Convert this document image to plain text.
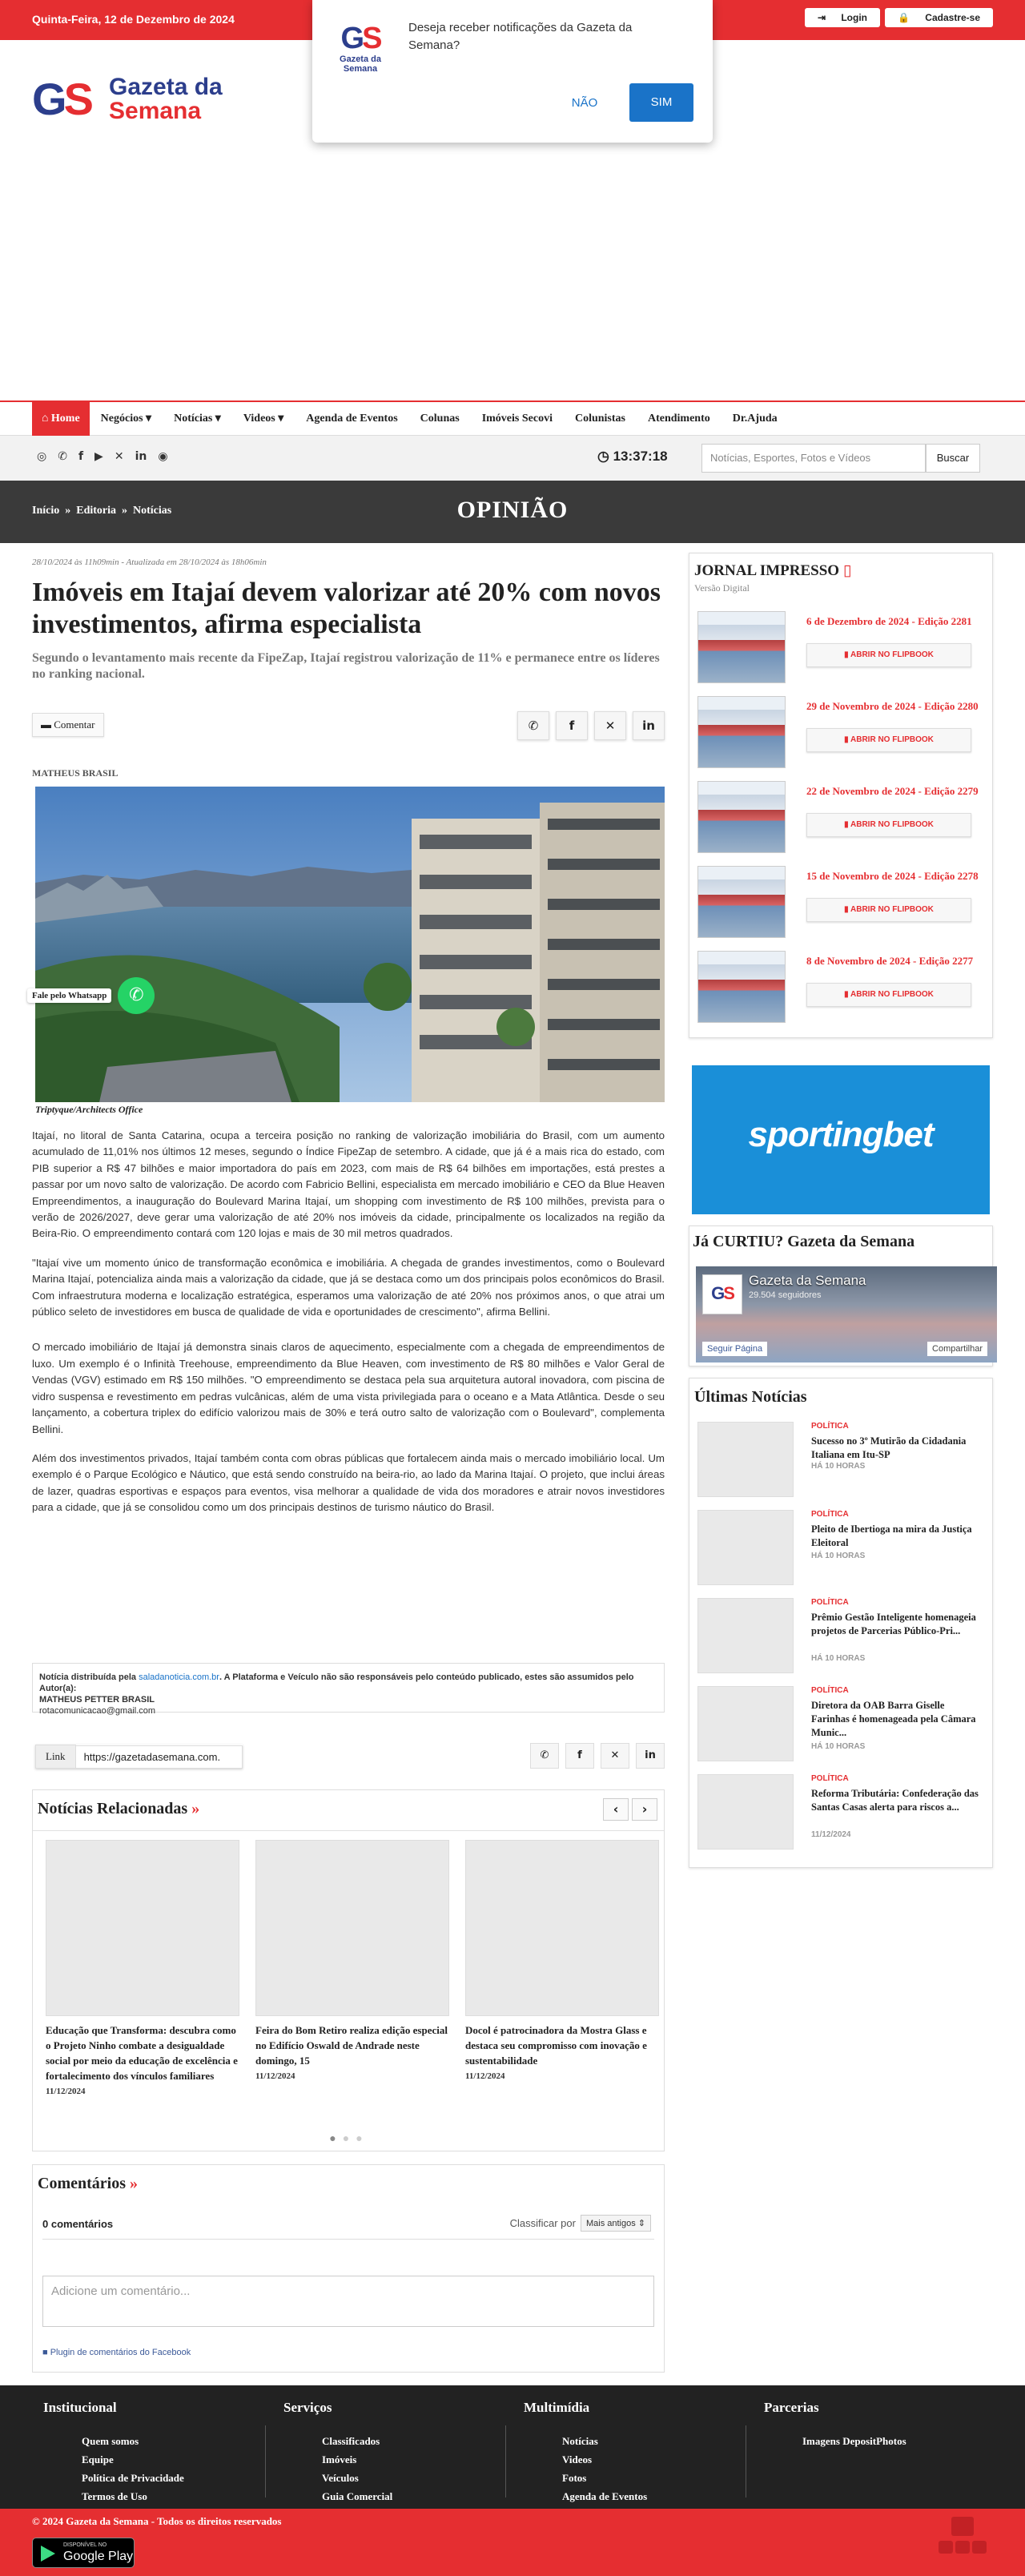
Quinta-Feira, 12 de Dezembro de 2024	⇥ Login	🔒 Cadastre-se
GS Gazeta da
Semana
GS
Gazeta da Semana
Deseja receber notificações da Gazeta da Semana?
NÃO	SIM
⌂ Home	Negócios ▾	Notícias ▾	Videos ▾	Agenda de Eventos	Colunas	Imóveis Secovi	Colunistas	Atendimento	Dr.Ajuda
◎ ✆ f ▶ ✕ in ◉	◷ 13:37:18	Notícias, Esportes, Fotos e Vídeos	Buscar
Início  »  Editoria  »  Notícias	OPINIÃO
28/10/2024 às 11h09min - Atualizada em 28/10/2024 às 18h06min
Imóveis em Itajaí devem valorizar até 20% com novos investimentos, afirma especialista
Segundo o levantamento mais recente da FipeZap, Itajaí registrou valorização de 11% e permanece entre os líderes no ranking nacional.
▬ Comentar	✆	f	✕	in
MATHEUS BRASIL
Triptyque/Architects Office
Fale pelo Whatsapp	✆

Itajaí, no litoral de Santa Catarina, ocupa a terceira posição no ranking de valorização imobiliária do Brasil, com um aumento acumulado de 11,01% nos últimos 12 meses, segundo o Índice FipeZap de setembro. A cidade, que já é a mais rica do estado, com PIB superior a R$ 47 bilhões e maior importadora do país em 2023, com mais de R$ 64 bilhões em importações, está prestes a passar por um novo salto de valorização. De acordo com Fabricio Bellini, especialista em mercado imobiliário e CEO da Blue Heaven Empreendimentos, a inauguração do Boulevard Marina Itajaí, um shopping com investimento de R$ 100 milhões, prevista para o verão de 2026/2027, deve gerar uma valorização de até 20% nos imóveis da cidade, principalmente os localizados na região da Beira-Rio. O empreendimento contará com 120 lojas e mais de 30 mil metros quadrados.

"Itajaí vive um momento único de transformação econômica e imobiliária. A chegada de grandes investimentos, como o Boulevard Marina Itajaí, potencializa ainda mais a valorização da cidade, que já se destaca como um dos principais polos econômicos do Brasil. Com infraestrutura moderna e localização estratégica, esperamos uma valorização de até 20% nos próximos anos, o que atrai um público seleto de investidores em busca de qualidade de vida e oportunidades de crescimento", afirma Bellini.

O mercado imobiliário de Itajaí já demonstra sinais claros de aquecimento, especialmente com a chegada de empreendimentos de luxo. Um exemplo é o Infinità Treehouse, empreendimento da Blue Heaven, com investimento de R$ 80 milhões e Valor Geral de Vendas (VGV) estimado em R$ 150 milhões. "O empreendimento se destaca pela sua arquitetura autoral inovadora, com piscina de vidro suspensa e revestimento em pedras vulcânicas, além de uma vista privilegiada para o oceano e a Mata Atlântica. Desde o seu lançamento, a cobertura triplex do edifício valorizou mais de 30% e terá outro salto de valorização com o Boulevard", complementa Bellini.

Além dos investimentos privados, Itajaí também conta com obras públicas que fortalecem ainda mais o mercado imobiliário local. Um exemplo é o Parque Ecológico e Náutico, que está sendo construído na beira-rio, ao lado da Marina Itajaí. O projeto, que inclui áreas de lazer, quadras esportivas e espaços para eventos, visa melhorar a qualidade de vida dos moradores e atrair novos investidores para a cidade, que já se consolidou como um dos principais destinos de turismo náutico do Brasil.

Notícia distribuída pela saladanoticia.com.br. A Plataforma e Veículo não são responsáveis pelo conteúdo publicado, estes são assumidos pelo Autor(a):
MATHEUS PETTER BRASIL
rotacomunicacao@gmail.com
Link	https://gazetadasemana.com.	✆	f	✕	in
Notícias Relacionadas »	‹	›
Educação que Transforma: descubra como o Projeto Ninho combate a desigualdade social por meio da educação de excelência e fortalecimento dos vínculos familiares
11/12/2024
Feira do Bom Retiro realiza edição especial no Edifício Oswald de Andrade neste domingo, 15
11/12/2024
Docol é patrocinadora da Mostra Glass e destaca seu compromisso com inovação e sustentabilidade
11/12/2024
●●●
Comentários »
0 comentários	Classificar por	Mais antigos ⇕
Adicione um comentário...
■ Plugin de comentários do Facebook
JORNAL IMPRESSO ▯
Versão Digital
6 de Dezembro de 2024 - Edição 2281
▮ ABRIR NO FLIPBOOK
29 de Novembro de 2024 - Edição 2280
▮ ABRIR NO FLIPBOOK
22 de Novembro de 2024 - Edição 2279
▮ ABRIR NO FLIPBOOK
15 de Novembro de 2024 - Edição 2278
▮ ABRIR NO FLIPBOOK
8 de Novembro de 2024 - Edição 2277
▮ ABRIR NO FLIPBOOK
sportingbet
Já CURTIU? Gazeta da Semana
GS
Gazeta da Semana
29.504 seguidores
Seguir Página	Compartilhar
Últimas Notícias
POLÍTICA
Sucesso no 3º Mutirão da Cidadania Italiana em Itu-SP
HÁ 10 HORAS
POLÍTICA
Pleito de Ibertioga na mira da Justiça Eleitoral
HÁ 10 HORAS
POLÍTICA
Prêmio Gestão Inteligente homenageia projetos de Parcerias Público-Pri...
HÁ 10 HORAS
POLÍTICA
Diretora da OAB Barra Giselle Farinhas é homenageada pela Câmara Munic...
HÁ 10 HORAS
POLÍTICA
Reforma Tributária: Confederação das Santas Casas alerta para riscos a...
11/12/2024
Institucional
Quem somos
Equipe
Política de Privacidade
Termos de Uso
Serviços
Classificados
Imóveis
Veículos
Guia Comercial
Multimídia
Notícias
Videos
Fotos
Agenda de Eventos
Parcerias
Imagens DepositPhotos
© 2024 Gazeta da Semana - Todos os direitos reservados
DISPONÍVEL NO
Google Play
